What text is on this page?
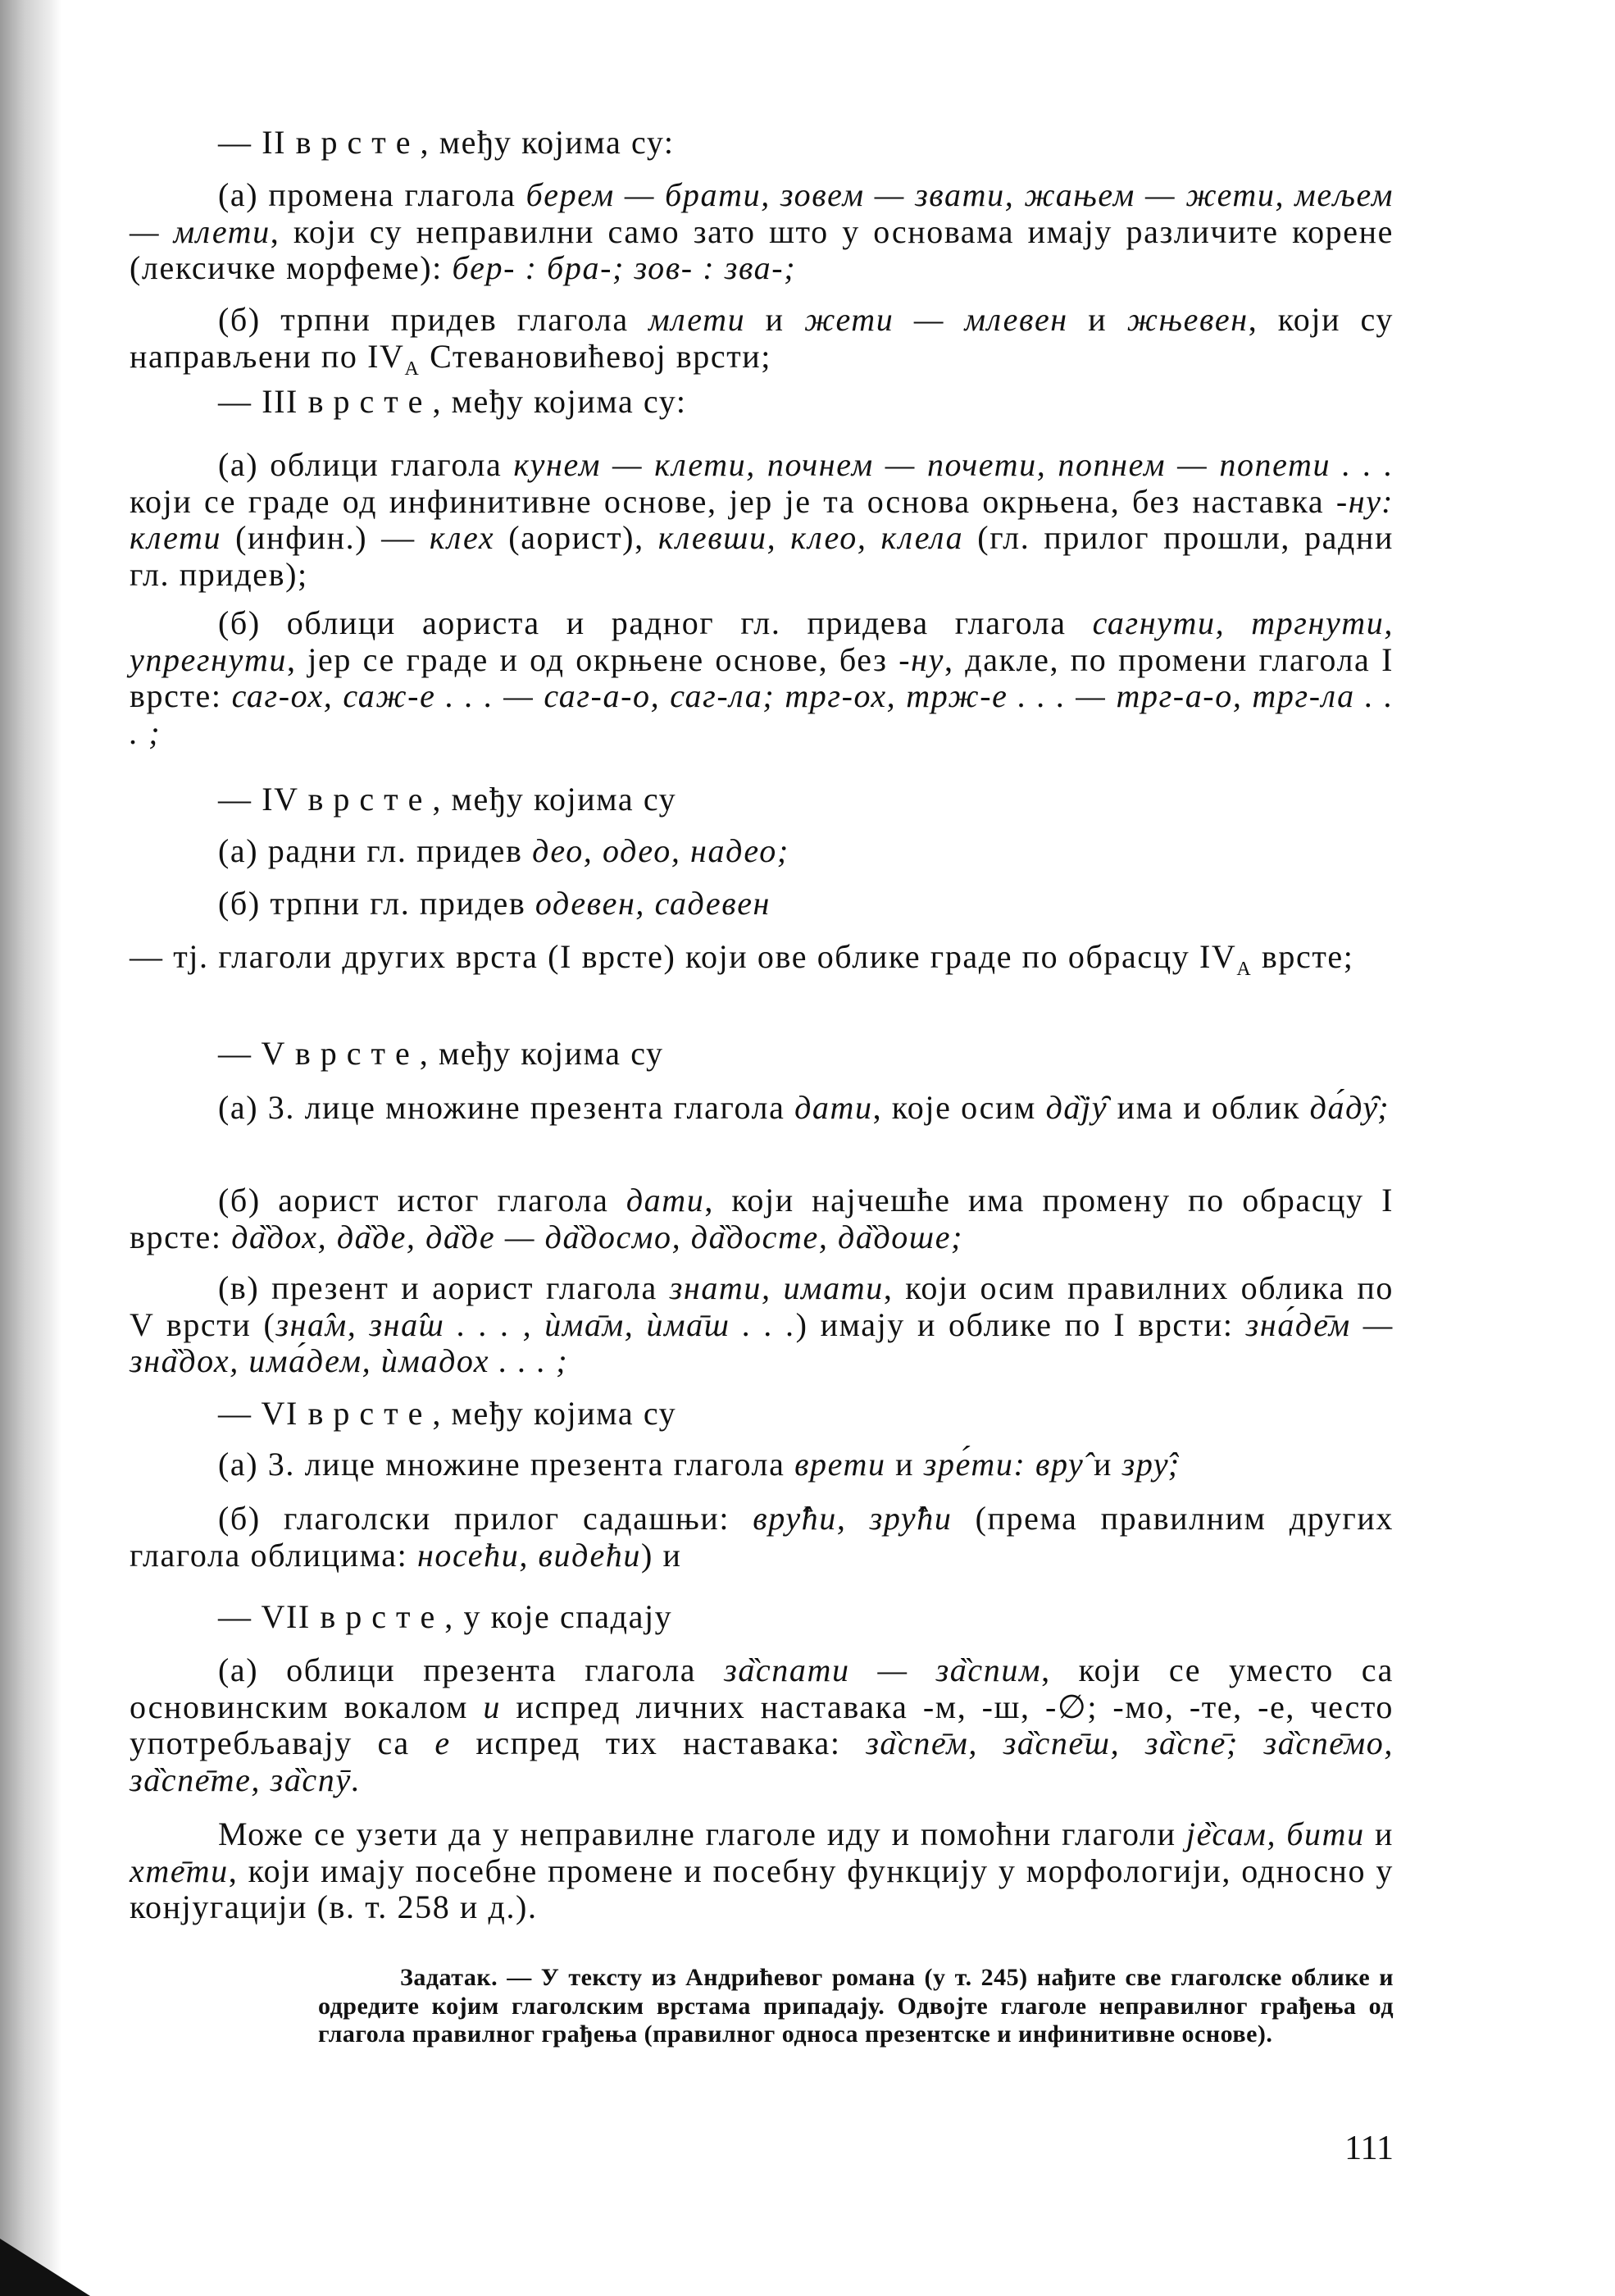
— II врсте, међу којима су:
(а) промена глагола берем — брати, зовем — звати, жањем — жети, мељем — млети, који су неправилни само зато што у основама имају различите корене (лексичке морфеме): бер- : бра-; зов- : зва-;
(б) трпни придев глагола млети и жети — млевен и жњевен, који су направљени по $IV_A$ Стевановићевој врсти;
— III врсте, међу којима су:
(а) облици глагола кунем — клети, почнем — почети, попнем — попети . . . који се граде од инфинитивне основе, јер је та основа окрњена, без наставка -ну: клети (инфин.) — клех (аорист), клевши, клео, клела (гл. прилог прошли, радни гл. придев);
(б) облици аориста и радног гл. придева глагола сагнути, тргнути, упрегнути, јер се граде и од окрњене основе, без -ну, дакле, по промени глагола I врсте: саг-ох, саж-е . . . — саг-а-о, саг-ла; трг-ох, трж-е . . . — трг-а-о, трг-ла . . . ;
— IV врсте, међу којима су
(а) радни гл. придев део, одео, надео;
(б) трпни гл. придев одевен, садевен
— тј. глаголи других врста (I врсте) који ове облике граде по обрасцу $IV_A$ врсте;
— V врсте, међу којима су
(а) 3. лице множине презента глагола дати, које осим да̏ју̑ има и облик да́ду̑;
(б) аорист истог глагола дати, који најчешће има промену по обрасцу I врсте: да̏дох, да̏де, да̏де — да̏досмо, да̏досте, да̏доше;
(в) презент и аорист глагола знати, имати, који осим правилних облика по V врсти (зна̂м, зна̂ш . . . , ѝма̄м, ѝма̄ш . . .) имају и облике по I врсти: зна́де̄м — зна̏дох, има́дем, ѝмадох . . . ;
— VI врсте, међу којима су
(а) 3. лице множине презента глагола врети и зре́ти: вру̂ и зру̂;
(б) глаголски прилог садашњи: вру̂ћи, зру̂ћи (према правилним других глагола облицима: носећи, видећи) и
— VII врсте, у које спадају
(а) облици презента глагола за̏спати — за̏спим, који се уместо са основинским вокалом и испред личних наставака -м, -ш, -∅; -мо, -те, -е, често употребљавају са е испред тих наставака: за̏спе̄м, за̏спе̄ш, за̏спе̄; за̏спе̄мо, за̏спе̄те, за̏спӯ.
Може се узети да у неправилне глаголе иду и помоћни глаголи је̏сам, бити и хте̄ти, који имају посебне промене и посебну функцију у морфологији, односно у конјугацији (в. т. 258 и д.).
Задатак. — У тексту из Андрићевог романа (у т. 245) нађите све глаголске облике и одредите којим глаголским врстама припадају. Одвојте глаголе неправилног грађења од глагола правилног грађења (правилног односа презентске и инфинитивне основе).
111
